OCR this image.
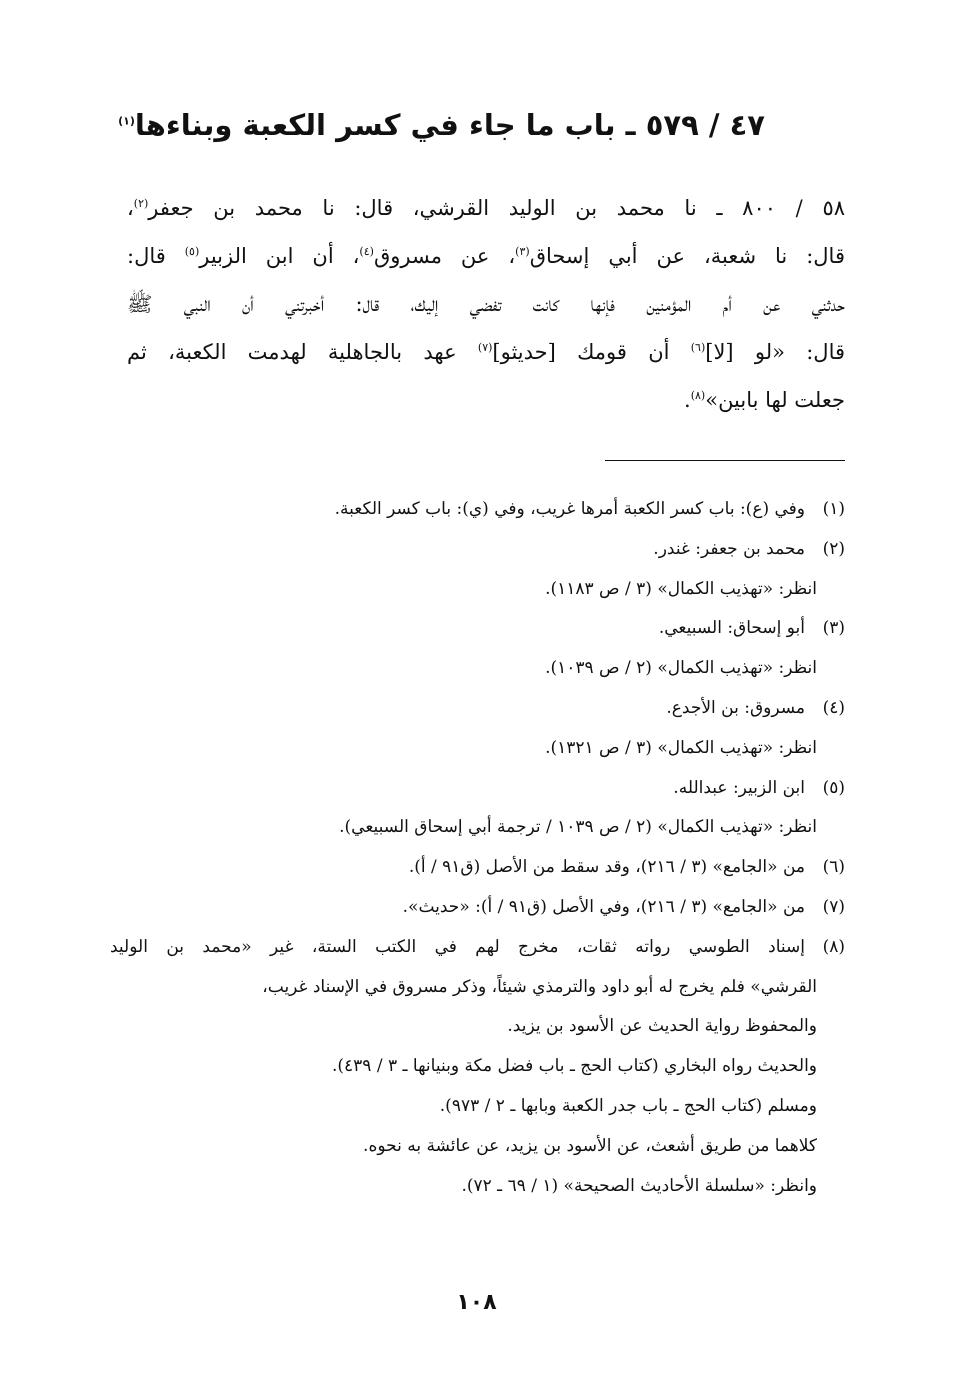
٤٧ / ٥٧٩ ـ باب ما جاء في كسر الكعبة وبناءها$^{(١)}$
٥٨ / ٨٠٠ ـ نا محمد بن الوليد القرشي، قال: نا محمد بن جعفر$^{(٢)}$،
قال: نا شعبة، عن أبي إسحاق$^{(٣)}$، عن مسروق$^{(٤)}$، أن ابن الزبير$^{(٥)}$ قال:
حدثني عن أم المؤمنين فإنها كانت تفضي إليك، قال: أخبرتني أن النبي ﷺ
قال: «لو [لا]$^{(٦)}$ أن قومك [حديثو]$^{(٧)}$ عهد بالجاهلية لهدمت الكعبة، ثم
جعلت لها بابين»$^{(٨)}$.
(١)وفي (ع): باب كسر الكعبة أمرها غريب، وفي (ي): باب كسر الكعبة.
(٢)محمد بن جعفر: غندر.
انظر: «تهذيب الكمال» (٣ / ص ١١٨٣).
(٣)أبو إسحاق: السبيعي.
انظر: «تهذيب الكمال» (٢ / ص ١٠٣٩).
(٤)مسروق: بن الأجدع.
انظر: «تهذيب الكمال» (٣ / ص ١٣٢١).
(٥)ابن الزبير: عبدالله.
انظر: «تهذيب الكمال» (٢ / ص ١٠٣٩ / ترجمة أبي إسحاق السبيعي).
(٦)من «الجامع» (٣ / ٢١٦)، وقد سقط من الأصل (ق٩١ / أ).
(٧)من «الجامع» (٣ / ٢١٦)، وفي الأصل (ق٩١ / أ): «حديث».
(٨)إسناد الطوسي رواته ثقات، مخرج لهم في الكتب الستة، غير «محمد بن الوليد
القرشي» فلم يخرج له أبو داود والترمذي شيئاً، وذكر مسروق في الإسناد غريب،
والمحفوظ رواية الحديث عن الأسود بن يزيد.
والحديث رواه البخاري (كتاب الحج ـ باب فضل مكة وبنيانها ـ ٣ / ٤٣٩).
ومسلم (كتاب الحج ـ باب جدر الكعبة وبابها ـ ٢ / ٩٧٣).
كلاهما من طريق أشعث، عن الأسود بن يزيد، عن عائشة به نحوه.
وانظر: «سلسلة الأحاديث الصحيحة» (١ / ٦٩ ـ ٧٢).
١٠٨
